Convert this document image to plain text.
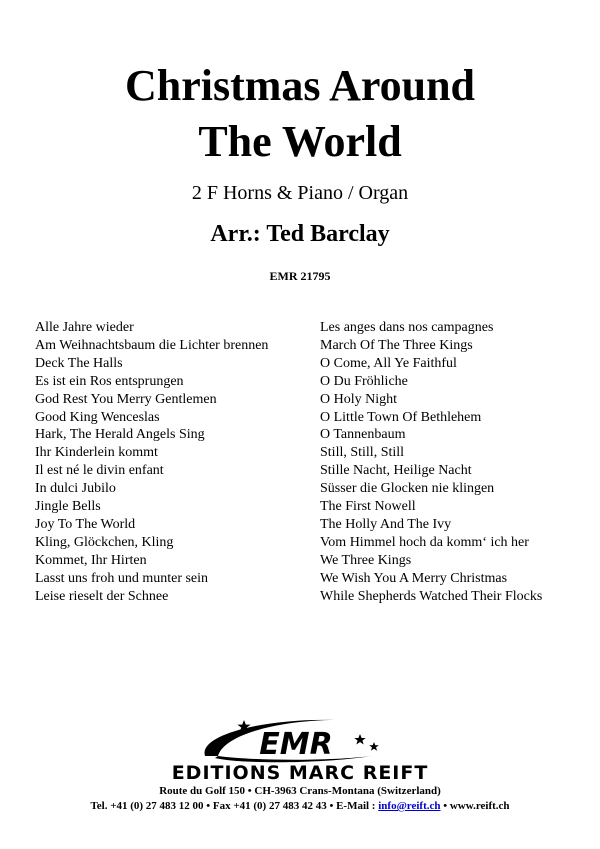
Christmas Around
The World
2 F Horns & Piano / Organ
Arr.: Ted Barclay
EMR 21795
Alle Jahre wieder
Am Weihnachtsbaum die Lichter brennen
Deck The Halls
Es ist ein Ros entsprungen
God Rest You Merry Gentlemen
Good King Wenceslas
Hark, The Herald Angels Sing
Ihr Kinderlein kommt
Il est né le divin enfant
In dulci Jubilo
Jingle Bells
Joy To The World
Kling, Glöckchen, Kling
Kommet, Ihr Hirten
Lasst uns froh und munter sein
Leise rieselt der Schnee
Les anges dans nos campagnes
March Of The Three Kings
O Come, All Ye Faithful
O Du Fröhliche
O Holy Night
O Little Town Of Bethlehem
O Tannenbaum
Still, Still, Still
Stille Nacht, Heilige Nacht
Süsser die Glocken nie klingen
The First Nowell
The Holly And The Ivy
Vom Himmel hoch da komm‘ ich her
We Three Kings
We Wish You A Merry Christmas
While Shepherds Watched Their Flocks
EMR
EDITIONS MARC REIFT
Route du Golf 150 • CH-3963 Crans-Montana (Switzerland)
Tel. +41 (0) 27 483 12 00 • Fax +41 (0) 27 483 42 43 • E-Mail : info@reift.ch • www.reift.ch
